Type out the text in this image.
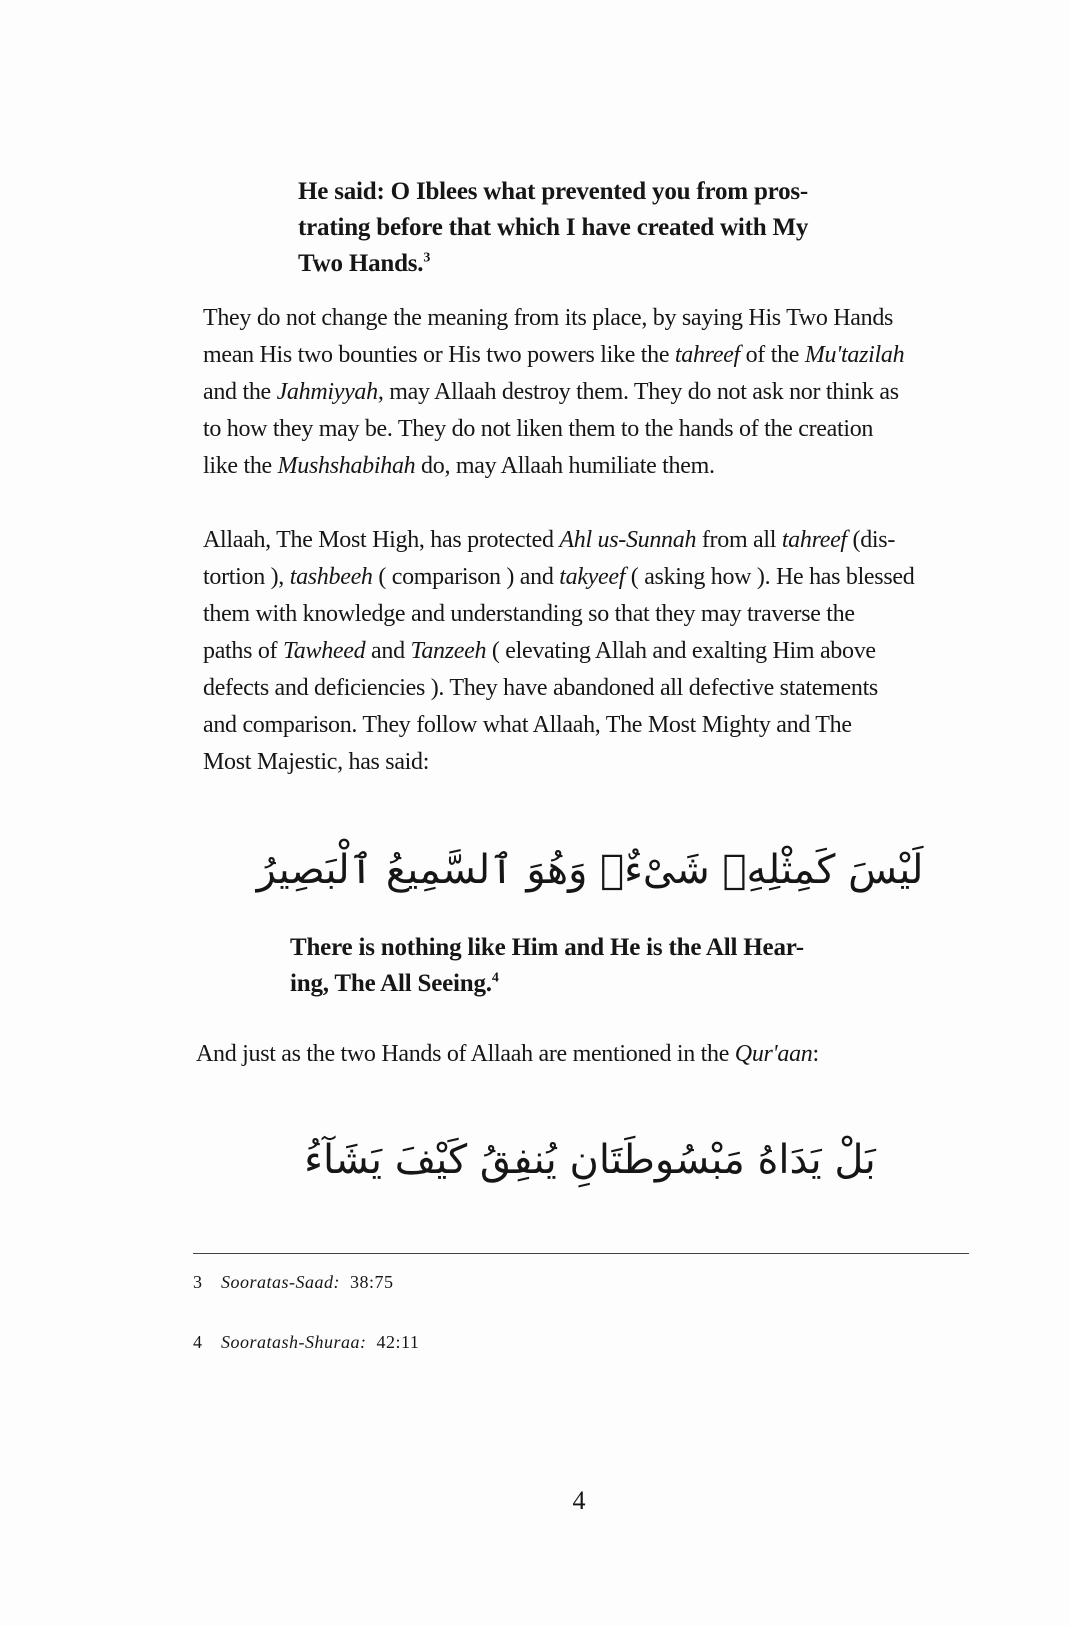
He said: O Iblees what prevented you from pros-
trating before that which I have created with My
Two Hands.$^3$
They do not change the meaning from its place, by saying His Two Hands
mean His two bounties or His two powers like the tahreef of the Mu'tazilah
and the Jahmiyyah, may Allaah destroy them. They do not ask nor think as
to how they may be. They do not liken them to the hands of the creation
like the Mushshabihah do, may Allaah humiliate them.
Allaah, The Most High, has protected Ahl us-Sunnah from all tahreef (dis-
tortion ), tashbeeh ( comparison ) and takyeef ( asking how ). He has blessed
them with knowledge and understanding so that they may traverse the
paths of Tawheed and Tanzeeh ( elevating Allah and exalting Him above
defects and deficiencies ). They have abandoned all defective statements
and comparison. They follow what Allaah, The Most Mighty and The
Most Majestic, has said:
لَيْسَ كَمِثْلِهِۦ شَىْءٌۖ وَهُوَ ٱلسَّمِيعُ ٱلْبَصِيرُ
There is nothing like Him and He is the All Hear-
ing, The All Seeing.$^4$
And just as the two Hands of Allaah are mentioned in the Qur'aan:
بَلْ يَدَاهُ مَبْسُوطَتَانِ يُنفِقُ كَيْفَ يَشَآءُ
3 Sooratas-Saad: 38:75
4 Sooratash-Shuraa: 42:11
4
